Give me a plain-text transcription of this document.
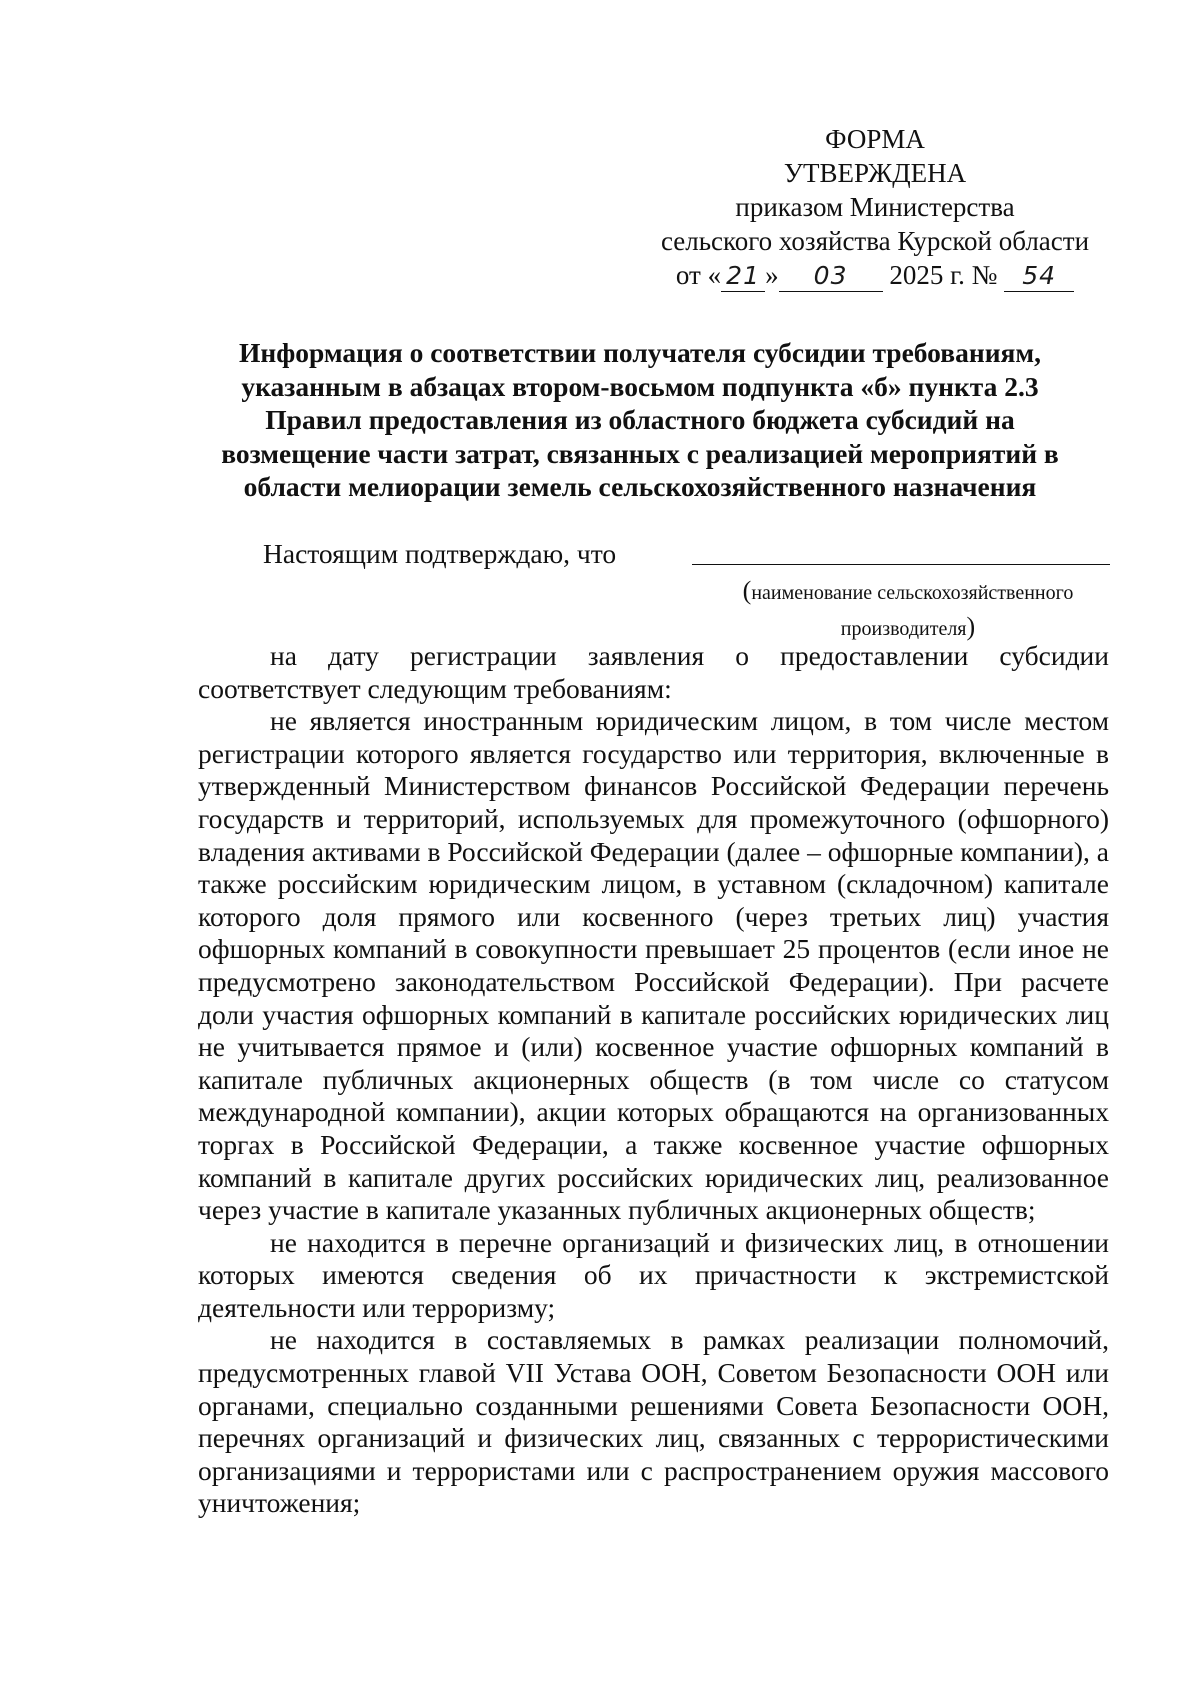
ФОРМА
УТВЕРЖДЕНА
приказом Министерства
сельского хозяйства Курской области
от « 21 » 03 2025 г. № 54
Информация о соответствии получателя субсидии требованиям,
указанным в абзацах втором-восьмом подпункта «б» пункта 2.3
Правил предоставления из областного бюджета субсидий на
возмещение части затрат, связанных с реализацией мероприятий в
области мелиорации земель сельскохозяйственного назначения
Настоящим подтверждаю, что
(наименование сельскохозяйственного
производителя)

на дату регистрации заявления о предоставлении субсидии соответствует следующим требованиям:

не является иностранным юридическим лицом, в том числе местом регистрации которого является государство или территория, включенные в утвержденный Министерством финансов Российской Федерации перечень государств и территорий, используемых для промежуточного (офшорного) владения активами в Российской Федерации (далее – офшорные компании), а также российским юридическим лицом, в уставном (складочном) капитале которого доля прямого или косвенного (через третьих лиц) участия офшорных компаний в совокупности превышает 25 процентов (если иное не предусмотрено законодательством Российской Федерации). При расчете доли участия офшорных компаний в капитале российских юридических лиц не учитывается прямое и (или) косвенное участие офшорных компаний в капитале публичных акционерных обществ (в том числе со статусом международной компании), акции которых обращаются на организованных торгах в Российской Федерации, а также косвенное участие офшорных компаний в капитале других российских юридических лиц, реализованное через участие в капитале указанных публичных акционерных обществ;

не находится в перечне организаций и физических лиц, в отношении которых имеются сведения об их причастности к экстремистской деятельности или терроризму;

не находится в составляемых в рамках реализации полномочий, предусмотренных главой VII Устава ООН, Советом Безопасности ООН или органами, специально созданными решениями Совета Безопасности ООН, перечнях организаций и физических лиц, связанных с террористическими организациями и террористами или с распространением оружия массового уничтожения;
